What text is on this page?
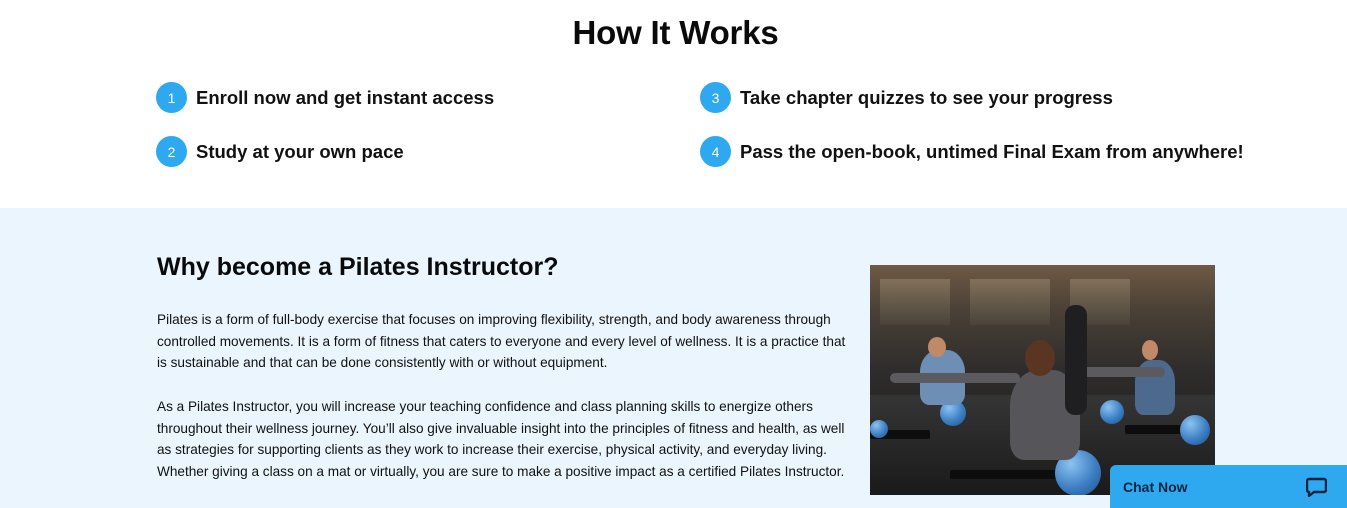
How It Works
1	Enroll now and get instant access
2	Study at your own pace
3	Take chapter quizzes to see your progress
4	Pass the open-book, untimed Final Exam from anywhere!
Why become a Pilates Instructor?

Pilates is a form of full-body exercise that focuses on improving flexibility, strength, and body awareness through controlled movements. It is a form of fitness that caters to everyone and every level of wellness. It is a practice that is sustainable and that can be done consistently with or without equipment.

As a Pilates Instructor, you will increase your teaching confidence and class planning skills to energize others throughout their wellness journey. You’ll also give invaluable insight into the principles of fitness and health, as well as strategies for supporting clients as they work to increase their exercise, physical activity, and everyday living. Whether giving a class on a mat or virtually, you are sure to make a positive impact as a certified Pilates Instructor.

Chat Now
